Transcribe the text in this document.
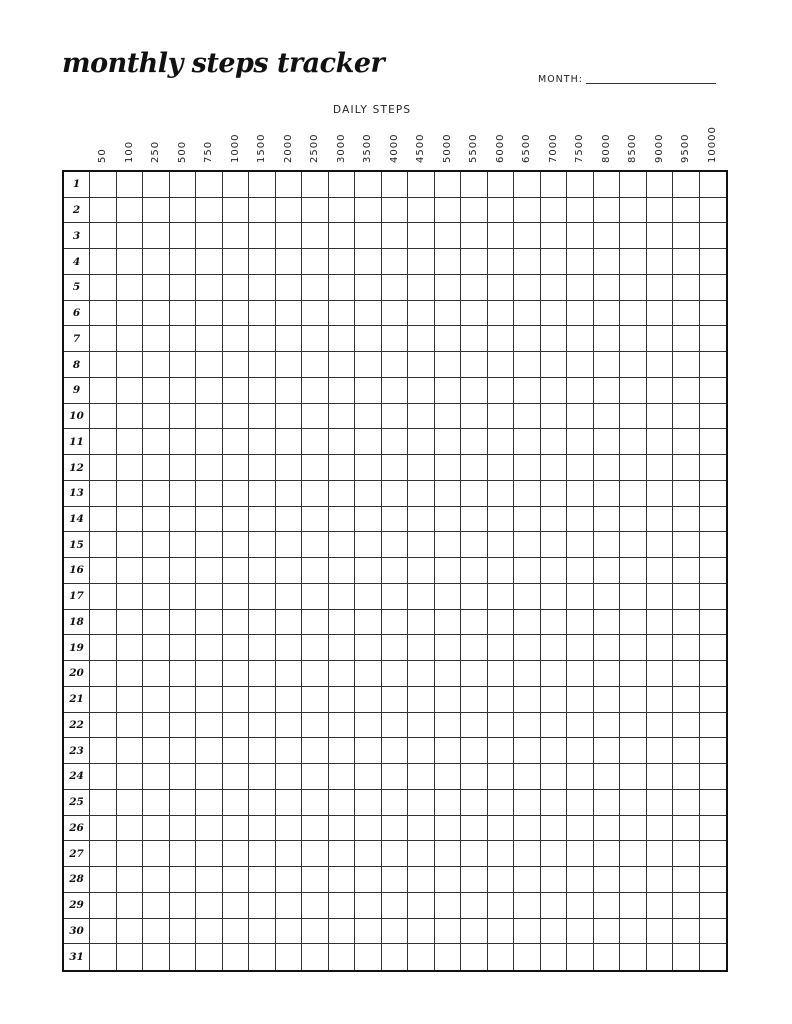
monthly steps tracker
MONTH:
DAILY STEPS
50 100 250 500 750 1000 1500 2000 2500 3000 3500 4000 4500 5000 5500 6000 6500 7000 7500 8000 8500 9000 9500 10000
1
2
3
4
5
6
7
8
9
10
11
12
13
14
15
16
17
18
19
20
21
22
23
24
25
26
27
28
29
30
31
